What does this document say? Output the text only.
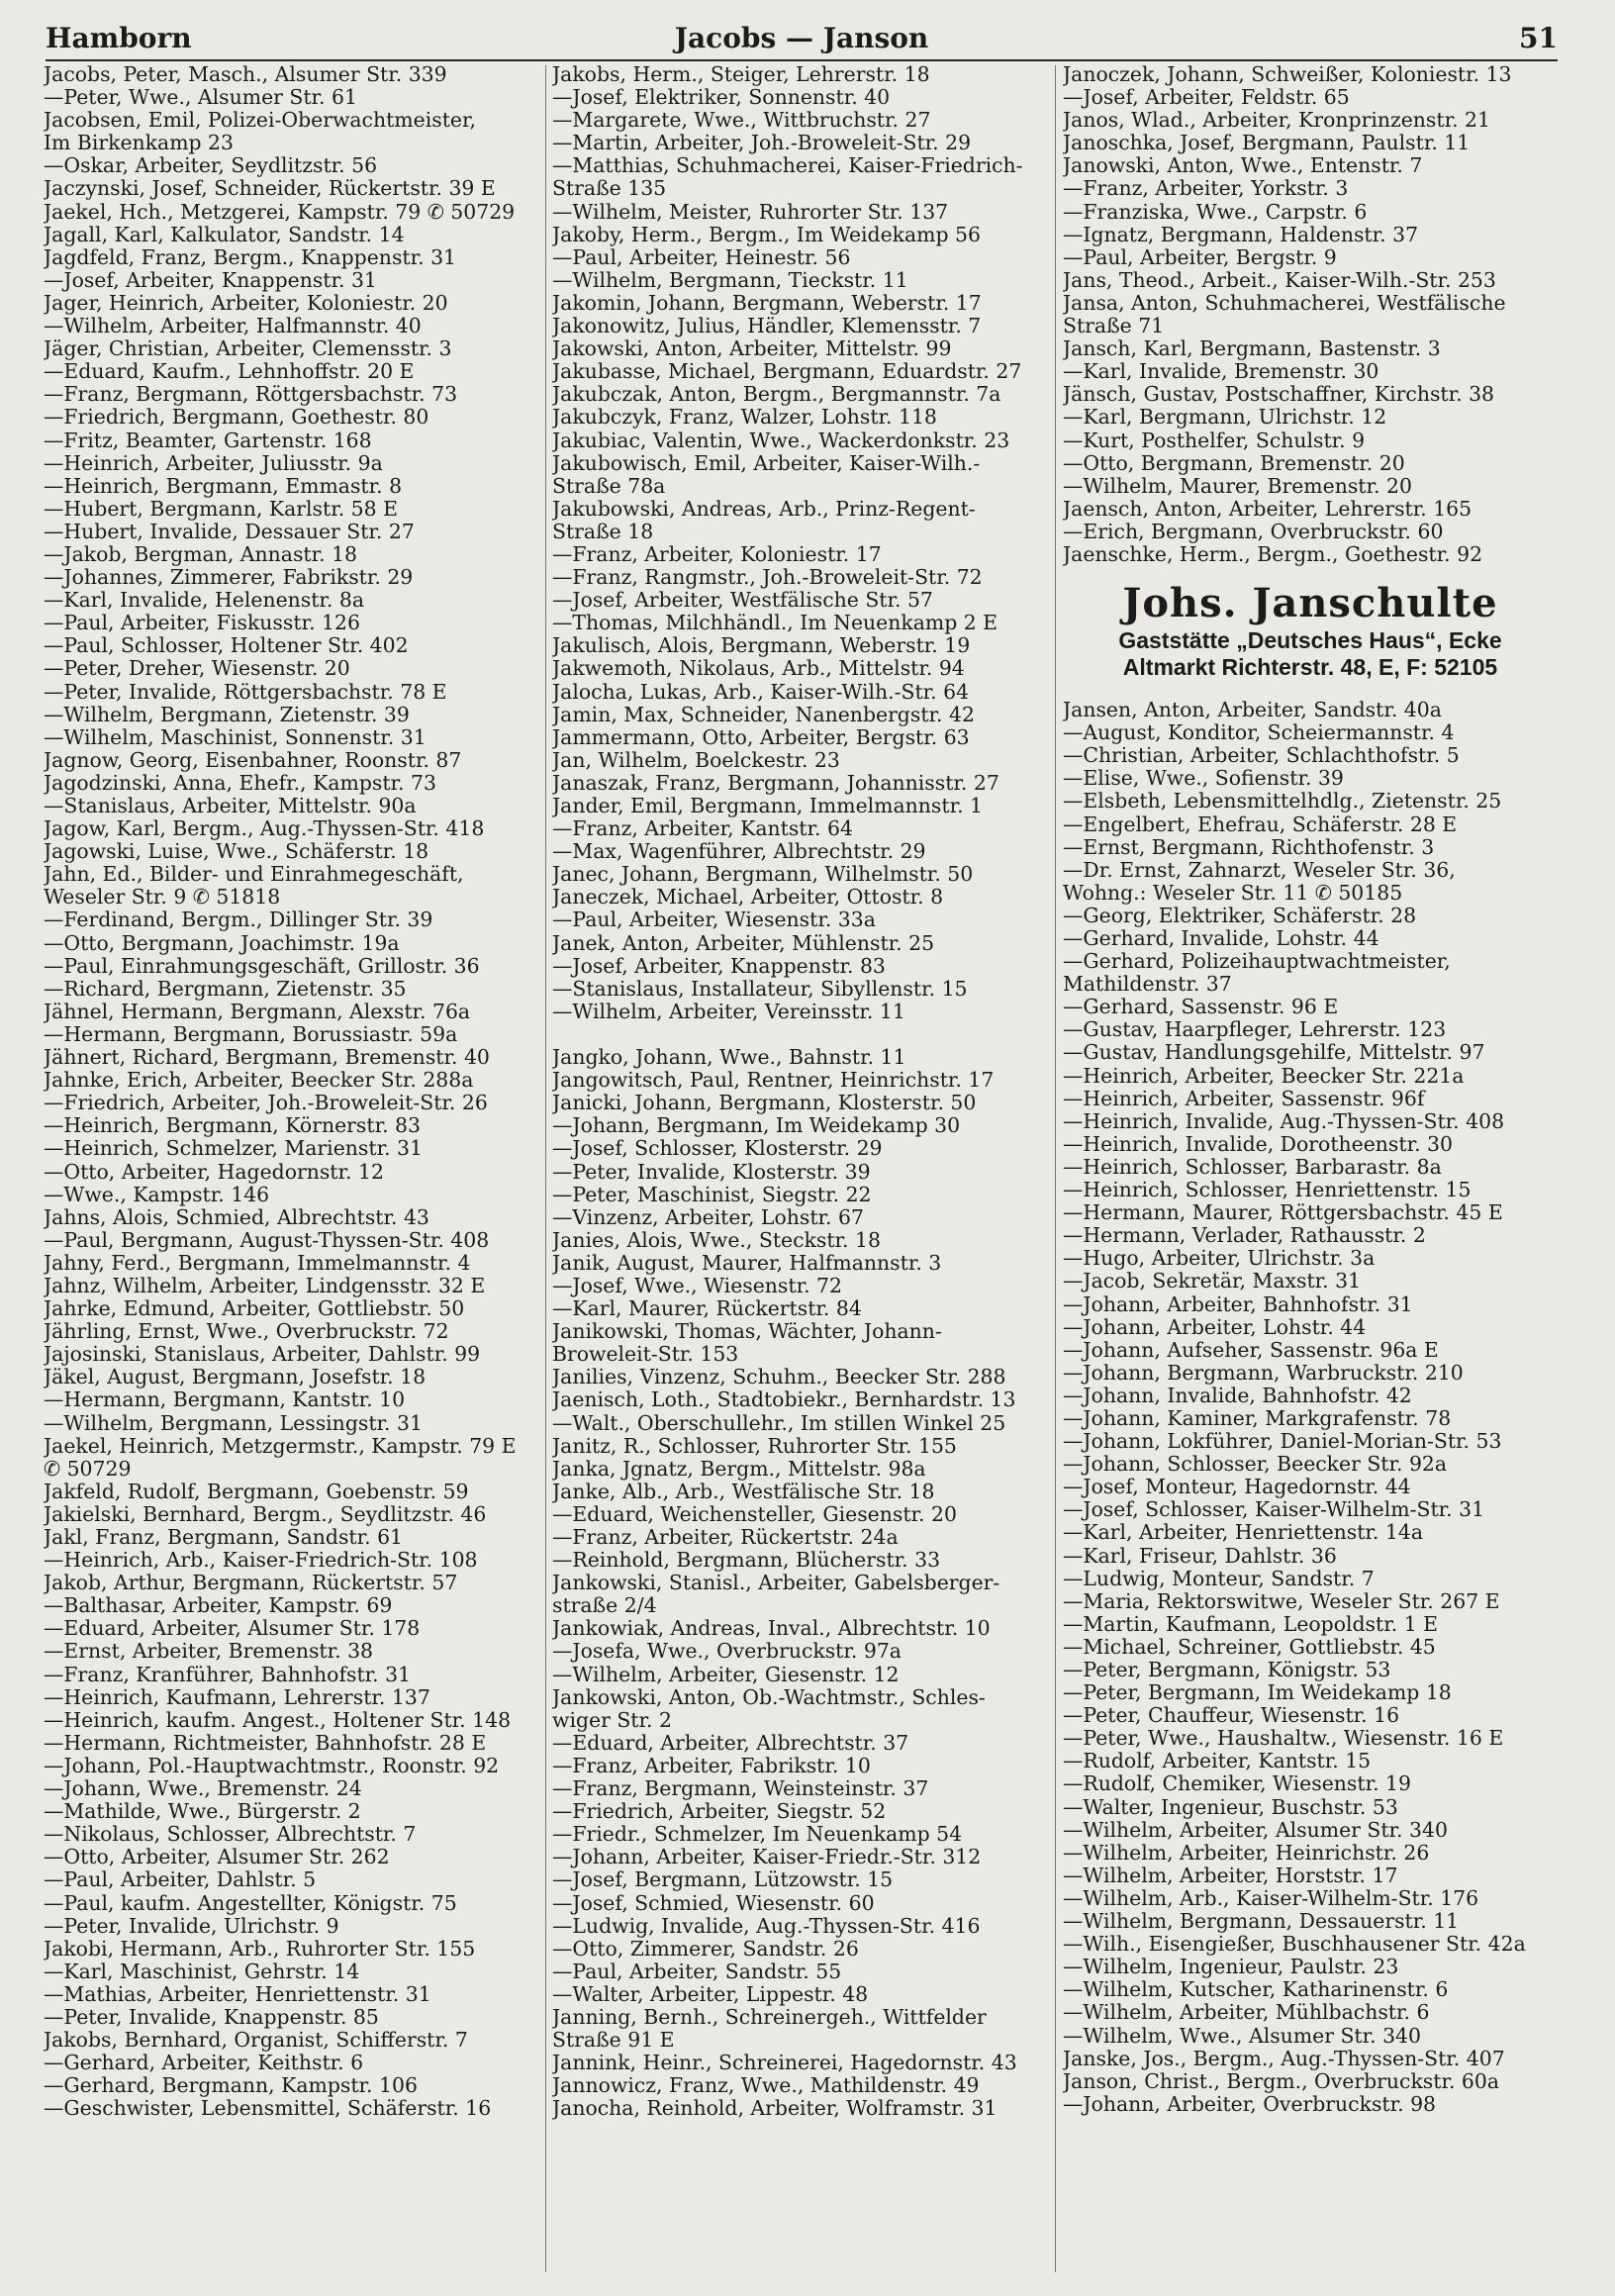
Hamborn	Jacobs — Janson	51
Jacobs, Peter, Masch., Alsumer Str. 339
—Peter, Wwe., Alsumer Str. 61
Jacobsen, Emil, Polizei-Oberwachtmeister,
Im Birkenkamp 23
—Oskar, Arbeiter, Seydlitzstr. 56
Jaczynski, Josef, Schneider, Rückertstr. 39 E
Jaekel, Hch., Metzgerei, Kampstr. 79 ✆ 50729
Jagall, Karl, Kalkulator, Sandstr. 14
Jagdfeld, Franz, Bergm., Knappenstr. 31
—Josef, Arbeiter, Knappenstr. 31
Jager, Heinrich, Arbeiter, Koloniestr. 20
—Wilhelm, Arbeiter, Halfmannstr. 40
Jäger, Christian, Arbeiter, Clemensstr. 3
—Eduard, Kaufm., Lehnhoffstr. 20 E
—Franz, Bergmann, Röttgersbachstr. 73
—Friedrich, Bergmann, Goethestr. 80
—Fritz, Beamter, Gartenstr. 168
—Heinrich, Arbeiter, Juliusstr. 9a
—Heinrich, Bergmann, Emmastr. 8
—Hubert, Bergmann, Karlstr. 58 E
—Hubert, Invalide, Dessauer Str. 27
—Jakob, Bergman, Annastr. 18
—Johannes, Zimmerer, Fabrikstr. 29
—Karl, Invalide, Helenenstr. 8a
—Paul, Arbeiter, Fiskusstr. 126
—Paul, Schlosser, Holtener Str. 402
—Peter, Dreher, Wiesenstr. 20
—Peter, Invalide, Röttgersbachstr. 78 E
—Wilhelm, Bergmann, Zietenstr. 39
—Wilhelm, Maschinist, Sonnenstr. 31
Jagnow, Georg, Eisenbahner, Roonstr. 87
Jagodzinski, Anna, Ehefr., Kampstr. 73
—Stanislaus, Arbeiter, Mittelstr. 90a
Jagow, Karl, Bergm., Aug.-Thyssen-Str. 418
Jagowski, Luise, Wwe., Schäferstr. 18
Jahn, Ed., Bilder- und Einrahmegeschäft,
Weseler Str. 9 ✆ 51818
—Ferdinand, Bergm., Dillinger Str. 39
—Otto, Bergmann, Joachimstr. 19a
—Paul, Einrahmungsgeschäft, Grillostr. 36
—Richard, Bergmann, Zietenstr. 35
Jähnel, Hermann, Bergmann, Alexstr. 76a
—Hermann, Bergmann, Borussiastr. 59a
Jähnert, Richard, Bergmann, Bremenstr. 40
Jahnke, Erich, Arbeiter, Beecker Str. 288a
—Friedrich, Arbeiter, Joh.-Broweleit-Str. 26
—Heinrich, Bergmann, Körnerstr. 83
—Heinrich, Schmelzer, Marienstr. 31
—Otto, Arbeiter, Hagedornstr. 12
—Wwe., Kampstr. 146
Jahns, Alois, Schmied, Albrechtstr. 43
—Paul, Bergmann, August-Thyssen-Str. 408
Jahny, Ferd., Bergmann, Immelmannstr. 4
Jahnz, Wilhelm, Arbeiter, Lindgensstr. 32 E
Jahrke, Edmund, Arbeiter, Gottliebstr. 50
Jährling, Ernst, Wwe., Overbruckstr. 72
Jajosinski, Stanislaus, Arbeiter, Dahlstr. 99
Jäkel, August, Bergmann, Josefstr. 18
—Hermann, Bergmann, Kantstr. 10
—Wilhelm, Bergmann, Lessingstr. 31
Jaekel, Heinrich, Metzgermstr., Kampstr. 79 E
✆ 50729
Jakfeld, Rudolf, Bergmann, Goebenstr. 59
Jakielski, Bernhard, Bergm., Seydlitzstr. 46
Jakl, Franz, Bergmann, Sandstr. 61
—Heinrich, Arb., Kaiser-Friedrich-Str. 108
Jakob, Arthur, Bergmann, Rückertstr. 57
—Balthasar, Arbeiter, Kampstr. 69
—Eduard, Arbeiter, Alsumer Str. 178
—Ernst, Arbeiter, Bremenstr. 38
—Franz, Kranführer, Bahnhofstr. 31
—Heinrich, Kaufmann, Lehrerstr. 137
—Heinrich, kaufm. Angest., Holtener Str. 148
—Hermann, Richtmeister, Bahnhofstr. 28 E
—Johann, Pol.-Hauptwachtmstr., Roonstr. 92
—Johann, Wwe., Bremenstr. 24
—Mathilde, Wwe., Bürgerstr. 2
—Nikolaus, Schlosser, Albrechtstr. 7
—Otto, Arbeiter, Alsumer Str. 262
—Paul, Arbeiter, Dahlstr. 5
—Paul, kaufm. Angestellter, Königstr. 75
—Peter, Invalide, Ulrichstr. 9
Jakobi, Hermann, Arb., Ruhrorter Str. 155
—Karl, Maschinist, Gehrstr. 14
—Mathias, Arbeiter, Henriettenstr. 31
—Peter, Invalide, Knappenstr. 85
Jakobs, Bernhard, Organist, Schifferstr. 7
—Gerhard, Arbeiter, Keithstr. 6
—Gerhard, Bergmann, Kampstr. 106
—Geschwister, Lebensmittel, Schäferstr. 16
Jakobs, Herm., Steiger, Lehrerstr. 18
—Josef, Elektriker, Sonnenstr. 40
—Margarete, Wwe., Wittbruchstr. 27
—Martin, Arbeiter, Joh.-Broweleit-Str. 29
—Matthias, Schuhmacherei, Kaiser-Friedrich-
Straße 135
—Wilhelm, Meister, Ruhrorter Str. 137
Jakoby, Herm., Bergm., Im Weidekamp 56
—Paul, Arbeiter, Heinestr. 56
—Wilhelm, Bergmann, Tieckstr. 11
Jakomin, Johann, Bergmann, Weberstr. 17
Jakonowitz, Julius, Händler, Klemensstr. 7
Jakowski, Anton, Arbeiter, Mittelstr. 99
Jakubasse, Michael, Bergmann, Eduardstr. 27
Jakubczak, Anton, Bergm., Bergmannstr. 7a
Jakubczyk, Franz, Walzer, Lohstr. 118
Jakubiac, Valentin, Wwe., Wackerdonkstr. 23
Jakubowisch, Emil, Arbeiter, Kaiser-Wilh.-
Straße 78a
Jakubowski, Andreas, Arb., Prinz-Regent-
Straße 18
—Franz, Arbeiter, Koloniestr. 17
—Franz, Rangmstr., Joh.-Broweleit-Str. 72
—Josef, Arbeiter, Westfälische Str. 57
—Thomas, Milchhändl., Im Neuenkamp 2 E
Jakulisch, Alois, Bergmann, Weberstr. 19
Jakwemoth, Nikolaus, Arb., Mittelstr. 94
Jalocha, Lukas, Arb., Kaiser-Wilh.-Str. 64
Jamin, Max, Schneider, Nanenbergstr. 42
Jammermann, Otto, Arbeiter, Bergstr. 63
Jan, Wilhelm, Boelckestr. 23
Janaszak, Franz, Bergmann, Johannisstr. 27
Jander, Emil, Bergmann, Immelmannstr. 1
—Franz, Arbeiter, Kantstr. 64
—Max, Wagenführer, Albrechtstr. 29
Janec, Johann, Bergmann, Wilhelmstr. 50
Janeczek, Michael, Arbeiter, Ottostr. 8
—Paul, Arbeiter, Wiesenstr. 33a
Janek, Anton, Arbeiter, Mühlenstr. 25
—Josef, Arbeiter, Knappenstr. 83
—Stanislaus, Installateur, Sibyllenstr. 15
—Wilhelm, Arbeiter, Vereinsstr. 11
Jangko, Johann, Wwe., Bahnstr. 11
Jangowitsch, Paul, Rentner, Heinrichstr. 17
Janicki, Johann, Bergmann, Klosterstr. 50
—Johann, Bergmann, Im Weidekamp 30
—Josef, Schlosser, Klosterstr. 29
—Peter, Invalide, Klosterstr. 39
—Peter, Maschinist, Siegstr. 22
—Vinzenz, Arbeiter, Lohstr. 67
Janies, Alois, Wwe., Steckstr. 18
Janik, August, Maurer, Halfmannstr. 3
—Josef, Wwe., Wiesenstr. 72
—Karl, Maurer, Rückertstr. 84
Janikowski, Thomas, Wächter, Johann-
Broweleit-Str. 153
Janilies, Vinzenz, Schuhm., Beecker Str. 288
Jaenisch, Loth., Stadtobiekr., Bernhardstr. 13
—Walt., Oberschullehr., Im stillen Winkel 25
Janitz, R., Schlosser, Ruhrorter Str. 155
Janka, Jgnatz, Bergm., Mittelstr. 98a
Janke, Alb., Arb., Westfälische Str. 18
—Eduard, Weichensteller, Giesenstr. 20
—Franz, Arbeiter, Rückertstr. 24a
—Reinhold, Bergmann, Blücherstr. 33
Jankowski, Stanisl., Arbeiter, Gabelsberger-
straße 2/4
Jankowiak, Andreas, Inval., Albrechtstr. 10
—Josefa, Wwe., Overbruckstr. 97a
—Wilhelm, Arbeiter, Giesenstr. 12
Jankowski, Anton, Ob.-Wachtmstr., Schles-
wiger Str. 2
—Eduard, Arbeiter, Albrechtstr. 37
—Franz, Arbeiter, Fabrikstr. 10
—Franz, Bergmann, Weinsteinstr. 37
—Friedrich, Arbeiter, Siegstr. 52
—Friedr., Schmelzer, Im Neuenkamp 54
—Johann, Arbeiter, Kaiser-Friedr.-Str. 312
—Josef, Bergmann, Lützowstr. 15
—Josef, Schmied, Wiesenstr. 60
—Ludwig, Invalide, Aug.-Thyssen-Str. 416
—Otto, Zimmerer, Sandstr. 26
—Paul, Arbeiter, Sandstr. 55
—Walter, Arbeiter, Lippestr. 48
Janning, Bernh., Schreinergeh., Wittfelder
Straße 91 E
Jannink, Heinr., Schreinerei, Hagedornstr. 43
Jannowicz, Franz, Wwe., Mathildenstr. 49
Janocha, Reinhold, Arbeiter, Wolframstr. 31
Janoczek, Johann, Schweißer, Koloniestr. 13
—Josef, Arbeiter, Feldstr. 65
Janos, Wlad., Arbeiter, Kronprinzenstr. 21
Janoschka, Josef, Bergmann, Paulstr. 11
Janowski, Anton, Wwe., Entenstr. 7
—Franz, Arbeiter, Yorkstr. 3
—Franziska, Wwe., Carpstr. 6
—Ignatz, Bergmann, Haldenstr. 37
—Paul, Arbeiter, Bergstr. 9
Jans, Theod., Arbeit., Kaiser-Wilh.-Str. 253
Jansa, Anton, Schuhmacherei, Westfälische
Straße 71
Jansch, Karl, Bergmann, Bastenstr. 3
—Karl, Invalide, Bremenstr. 30
Jänsch, Gustav, Postschaffner, Kirchstr. 38
—Karl, Bergmann, Ulrichstr. 12
—Kurt, Posthelfer, Schulstr. 9
—Otto, Bergmann, Bremenstr. 20
—Wilhelm, Maurer, Bremenstr. 20
Jaensch, Anton, Arbeiter, Lehrerstr. 165
—Erich, Bergmann, Overbruckstr. 60
Jaenschke, Herm., Bergm., Goethestr. 92
Johs. Janschulte
Gaststätte „Deutsches Haus“, Ecke
Altmarkt Richterstr. 48, E, F: 52105
Jansen, Anton, Arbeiter, Sandstr. 40a
—August, Konditor, Scheiermannstr. 4
—Christian, Arbeiter, Schlachthofstr. 5
—Elise, Wwe., Sofienstr. 39
—Elsbeth, Lebensmittelhdlg., Zietenstr. 25
—Engelbert, Ehefrau, Schäferstr. 28 E
—Ernst, Bergmann, Richthofenstr. 3
—Dr. Ernst, Zahnarzt, Weseler Str. 36,
Wohng.: Weseler Str. 11 ✆ 50185
—Georg, Elektriker, Schäferstr. 28
—Gerhard, Invalide, Lohstr. 44
—Gerhard, Polizeihauptwachtmeister,
Mathildenstr. 37
—Gerhard, Sassenstr. 96 E
—Gustav, Haarpfleger, Lehrerstr. 123
—Gustav, Handlungsgehilfe, Mittelstr. 97
—Heinrich, Arbeiter, Beecker Str. 221a
—Heinrich, Arbeiter, Sassenstr. 96f
—Heinrich, Invalide, Aug.-Thyssen-Str. 408
—Heinrich, Invalide, Dorotheenstr. 30
—Heinrich, Schlosser, Barbarastr. 8a
—Heinrich, Schlosser, Henriettenstr. 15
—Hermann, Maurer, Röttgersbachstr. 45 E
—Hermann, Verlader, Rathausstr. 2
—Hugo, Arbeiter, Ulrichstr. 3a
—Jacob, Sekretär, Maxstr. 31
—Johann, Arbeiter, Bahnhofstr. 31
—Johann, Arbeiter, Lohstr. 44
—Johann, Aufseher, Sassenstr. 96a E
—Johann, Bergmann, Warbruckstr. 210
—Johann, Invalide, Bahnhofstr. 42
—Johann, Kaminer, Markgrafenstr. 78
—Johann, Lokführer, Daniel-Morian-Str. 53
—Johann, Schlosser, Beecker Str. 92a
—Josef, Monteur, Hagedornstr. 44
—Josef, Schlosser, Kaiser-Wilhelm-Str. 31
—Karl, Arbeiter, Henriettenstr. 14a
—Karl, Friseur, Dahlstr. 36
—Ludwig, Monteur, Sandstr. 7
—Maria, Rektorswitwe, Weseler Str. 267 E
—Martin, Kaufmann, Leopoldstr. 1 E
—Michael, Schreiner, Gottliebstr. 45
—Peter, Bergmann, Königstr. 53
—Peter, Bergmann, Im Weidekamp 18
—Peter, Chauffeur, Wiesenstr. 16
—Peter, Wwe., Haushaltw., Wiesenstr. 16 E
—Rudolf, Arbeiter, Kantstr. 15
—Rudolf, Chemiker, Wiesenstr. 19
—Walter, Ingenieur, Buschstr. 53
—Wilhelm, Arbeiter, Alsumer Str. 340
—Wilhelm, Arbeiter, Heinrichstr. 26
—Wilhelm, Arbeiter, Horststr. 17
—Wilhelm, Arb., Kaiser-Wilhelm-Str. 176
—Wilhelm, Bergmann, Dessauerstr. 11
—Wilh., Eisengießer, Buschhausener Str. 42a
—Wilhelm, Ingenieur, Paulstr. 23
—Wilhelm, Kutscher, Katharinenstr. 6
—Wilhelm, Arbeiter, Mühlbachstr. 6
—Wilhelm, Wwe., Alsumer Str. 340
Janske, Jos., Bergm., Aug.-Thyssen-Str. 407
Janson, Christ., Bergm., Overbruckstr. 60a
—Johann, Arbeiter, Overbruckstr. 98
